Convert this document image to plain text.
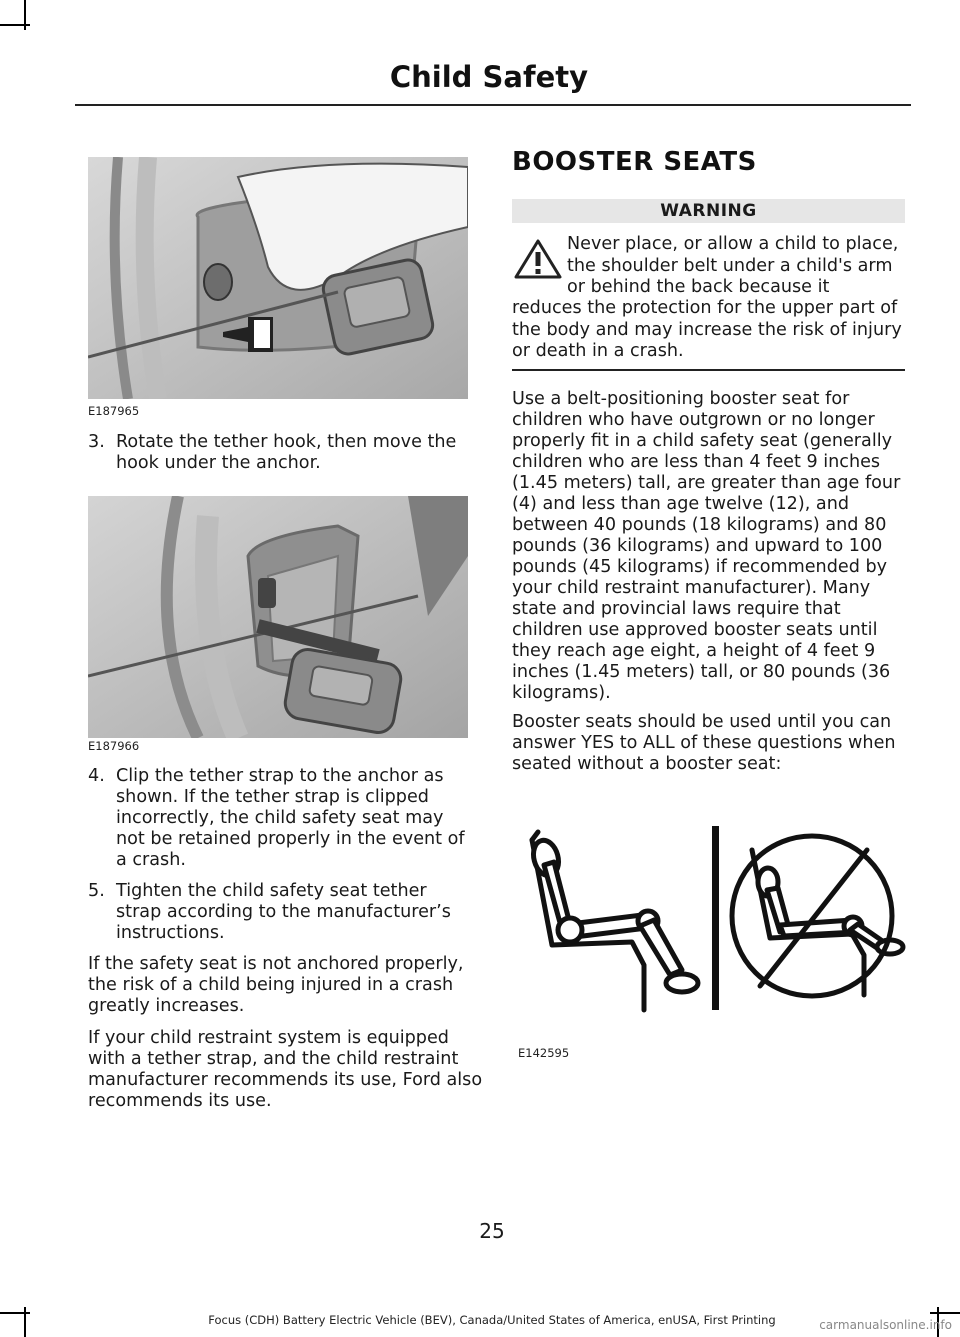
Child Safety
E187965
3. Rotate the tether hook, then move the hook under the anchor.
E187966
4. Clip the tether strap to the anchor as shown. If the tether strap is clipped incorrectly, the child safety seat may not be retained properly in the event of a crash.
5. Tighten the child safety seat tether strap according to the manufacturer’s instructions.
If the safety seat is not anchored properly, the risk of a child being injured in a crash greatly increases.
If your child restraint system is equipped with a tether strap, and the child restraint manufacturer recommends its use, Ford also recommends its use.
BOOSTER SEATS
WARNING
Never place, or allow a child to place, the shoulder belt under a child's arm or behind the back because it
reduces the protection for the upper part of the body and may increase the risk of injury or death in a crash.
Use a belt-positioning booster seat for children who have outgrown or no longer properly fit in a child safety seat (generally children who are less than 4 feet 9 inches (1.45 meters) tall, are greater than age four (4) and less than age twelve (12), and between 40 pounds (18 kilograms) and 80 pounds (36 kilograms) and upward to 100 pounds (45 kilograms) if recommended by your child restraint manufacturer). Many state and provincial laws require that children use approved booster seats until they reach age eight, a height of 4 feet 9 inches (1.45 meters) tall, or 80 pounds (36 kilograms).
Booster seats should be used until you can answer YES to ALL of these questions when seated without a booster seat:
E142595
25
Focus (CDH) Battery Electric Vehicle (BEV), Canada/United States of America, enUSA, First Printing	carmanualsonline.info
